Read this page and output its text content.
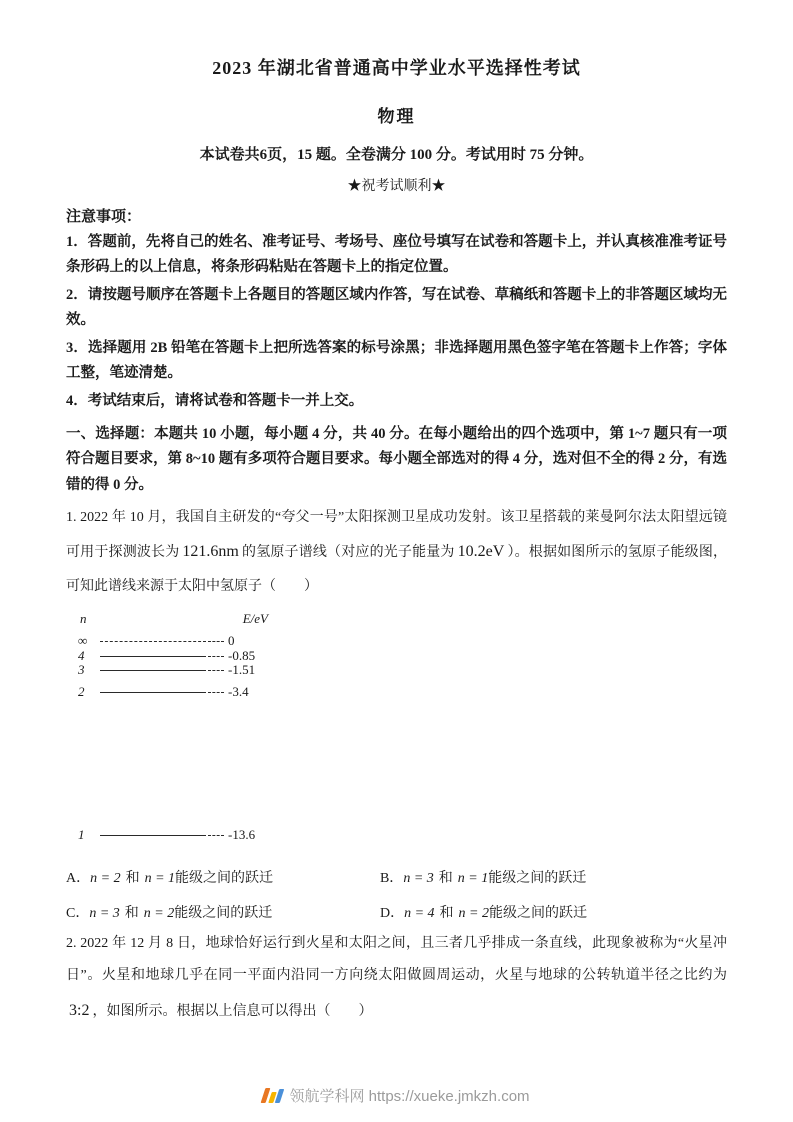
2023 年湖北省普通高中学业水平选择性考试
物理

本试卷共6页，15 题。全卷满分 100 分。考试用时 75 分钟。

★祝考试顺利★

注意事项：

1．答题前，先将自己的姓名、准考证号、考场号、座位号填写在试卷和答题卡上，并认真核准准考证号条形码上的以上信息，将条形码粘贴在答题卡上的指定位置。

2．请按题号顺序在答题卡上各题目的答题区域内作答，写在试卷、草稿纸和答题卡上的非答题区域均无效。

3．选择题用 2B 铅笔在答题卡上把所选答案的标号涂黑；非选择题用黑色签字笔在答题卡上作答；字体工整，笔迹清楚。

4．考试结束后，请将试卷和答题卡一并上交。

一、选择题：本题共 10 小题，每小题 4 分，共 40 分。在每小题给出的四个选项中，第 1~7 题只有一项符合题目要求，第 8~10 题有多项符合题目要求。每小题全部选对的得 4 分，选对但不全的得 2 分，有选错的得 0 分。

1. 2022 年 10 月，我国自主研发的“夸父一号”太阳探测卫星成功发射。该卫星搭载的莱曼阿尔法太阳望远镜可用于探测波长为 121.6nm 的氢原子谱线（对应的光子能量为 10.2eV ）。根据如图所示的氢原子能级图，可知此谱线来源于太阳中氢原子（　　）

n	E/eV
∞	0
4	-0.85
3	-1.51
2	-3.4
1	-13.6
A．n = 2 和 n = 1能级之间的跃迁	B．n = 3 和 n = 1能级之间的跃迁
C．n = 3 和 n = 2能级之间的跃迁	D．n = 4 和 n = 2能级之间的跃迁

2. 2022 年 12 月 8 日，地球恰好运行到火星和太阳之间，且三者几乎排成一条直线，此现象被称为“火星冲日”。火星和地球几乎在同一平面内沿同一方向绕太阳做圆周运动，火星与地球的公转轨道半径之比约为3:2 ，如图所示。根据以上信息可以得出（　　）

领航学科网 https://xueke.jmkzh.com
